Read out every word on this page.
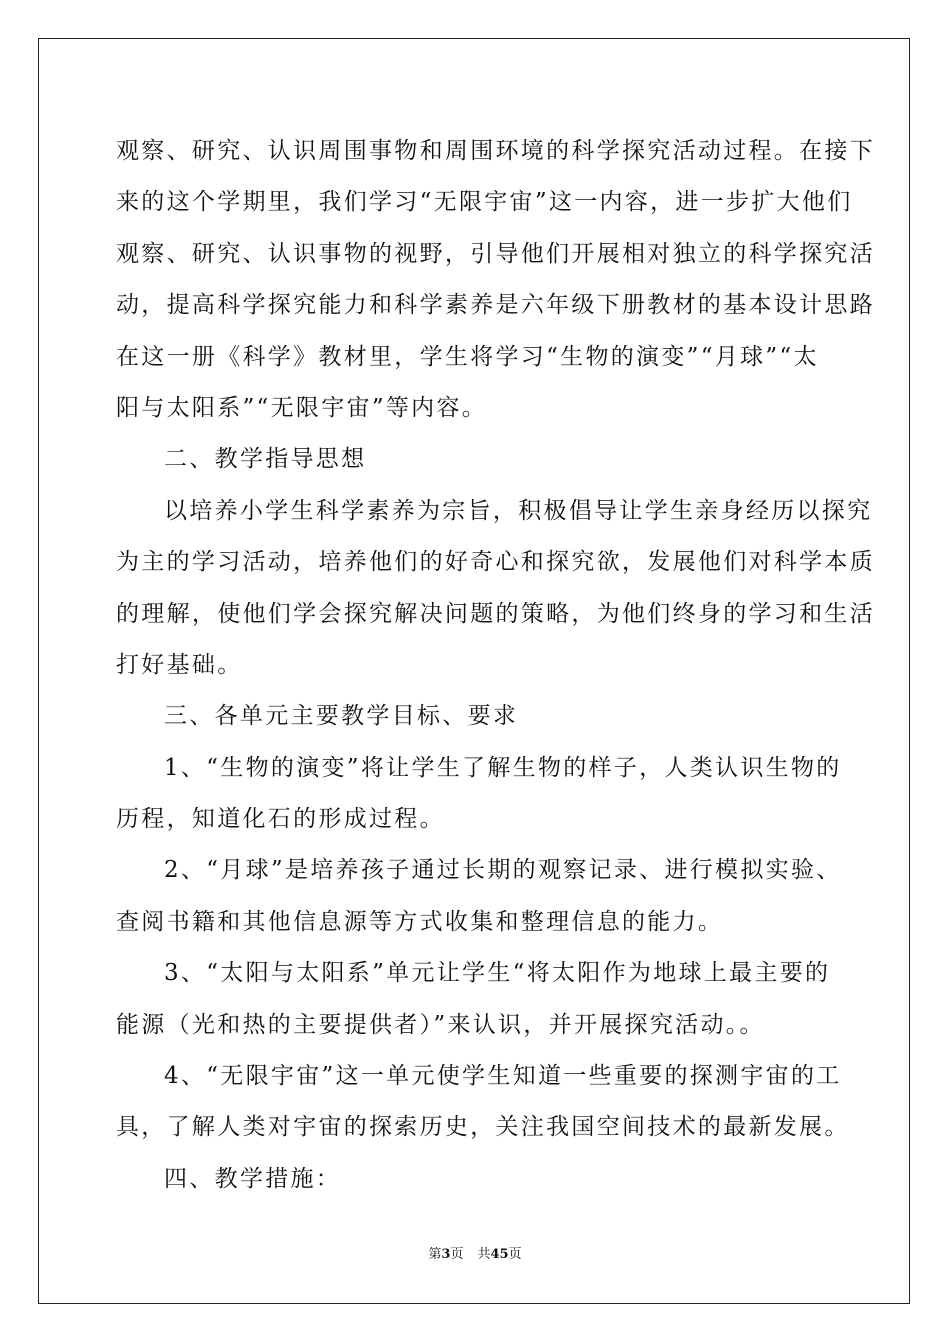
观察、研究、认识周围事物和周围环境的科学探究活动过程。在接下
来的这个学期里，我们学习“无限宇宙”这一内容，进一步扩大他们
观察、研究、认识事物的视野，引导他们开展相对独立的科学探究活
动，提高科学探究能力和科学素养是六年级下册教材的基本设计思路
在这一册《科学》教材里，学生将学习“生物的演变”“月球”“太
阳与太阳系”“无限宇宙”等内容。
二、教学指导思想
以培养小学生科学素养为宗旨，积极倡导让学生亲身经历以探究
为主的学习活动，培养他们的好奇心和探究欲，发展他们对科学本质
的理解，使他们学会探究解决问题的策略，为他们终身的学习和生活
打好基础。
三、各单元主要教学目标、要求
1、“生物的演变”将让学生了解生物的样子，人类认识生物的
历程，知道化石的形成过程。
2、“月球”是培养孩子通过长期的观察记录、进行模拟实验、
查阅书籍和其他信息源等方式收集和整理信息的能力。
3、“太阳与太阳系”单元让学生“将太阳作为地球上最主要的
能源（光和热的主要提供者）”来认识，并开展探究活动。。
4、“无限宇宙”这一单元使学生知道一些重要的探测宇宙的工
具，了解人类对宇宙的探索历史，关注我国空间技术的最新发展。
四、教学措施：
第3页 共45页
